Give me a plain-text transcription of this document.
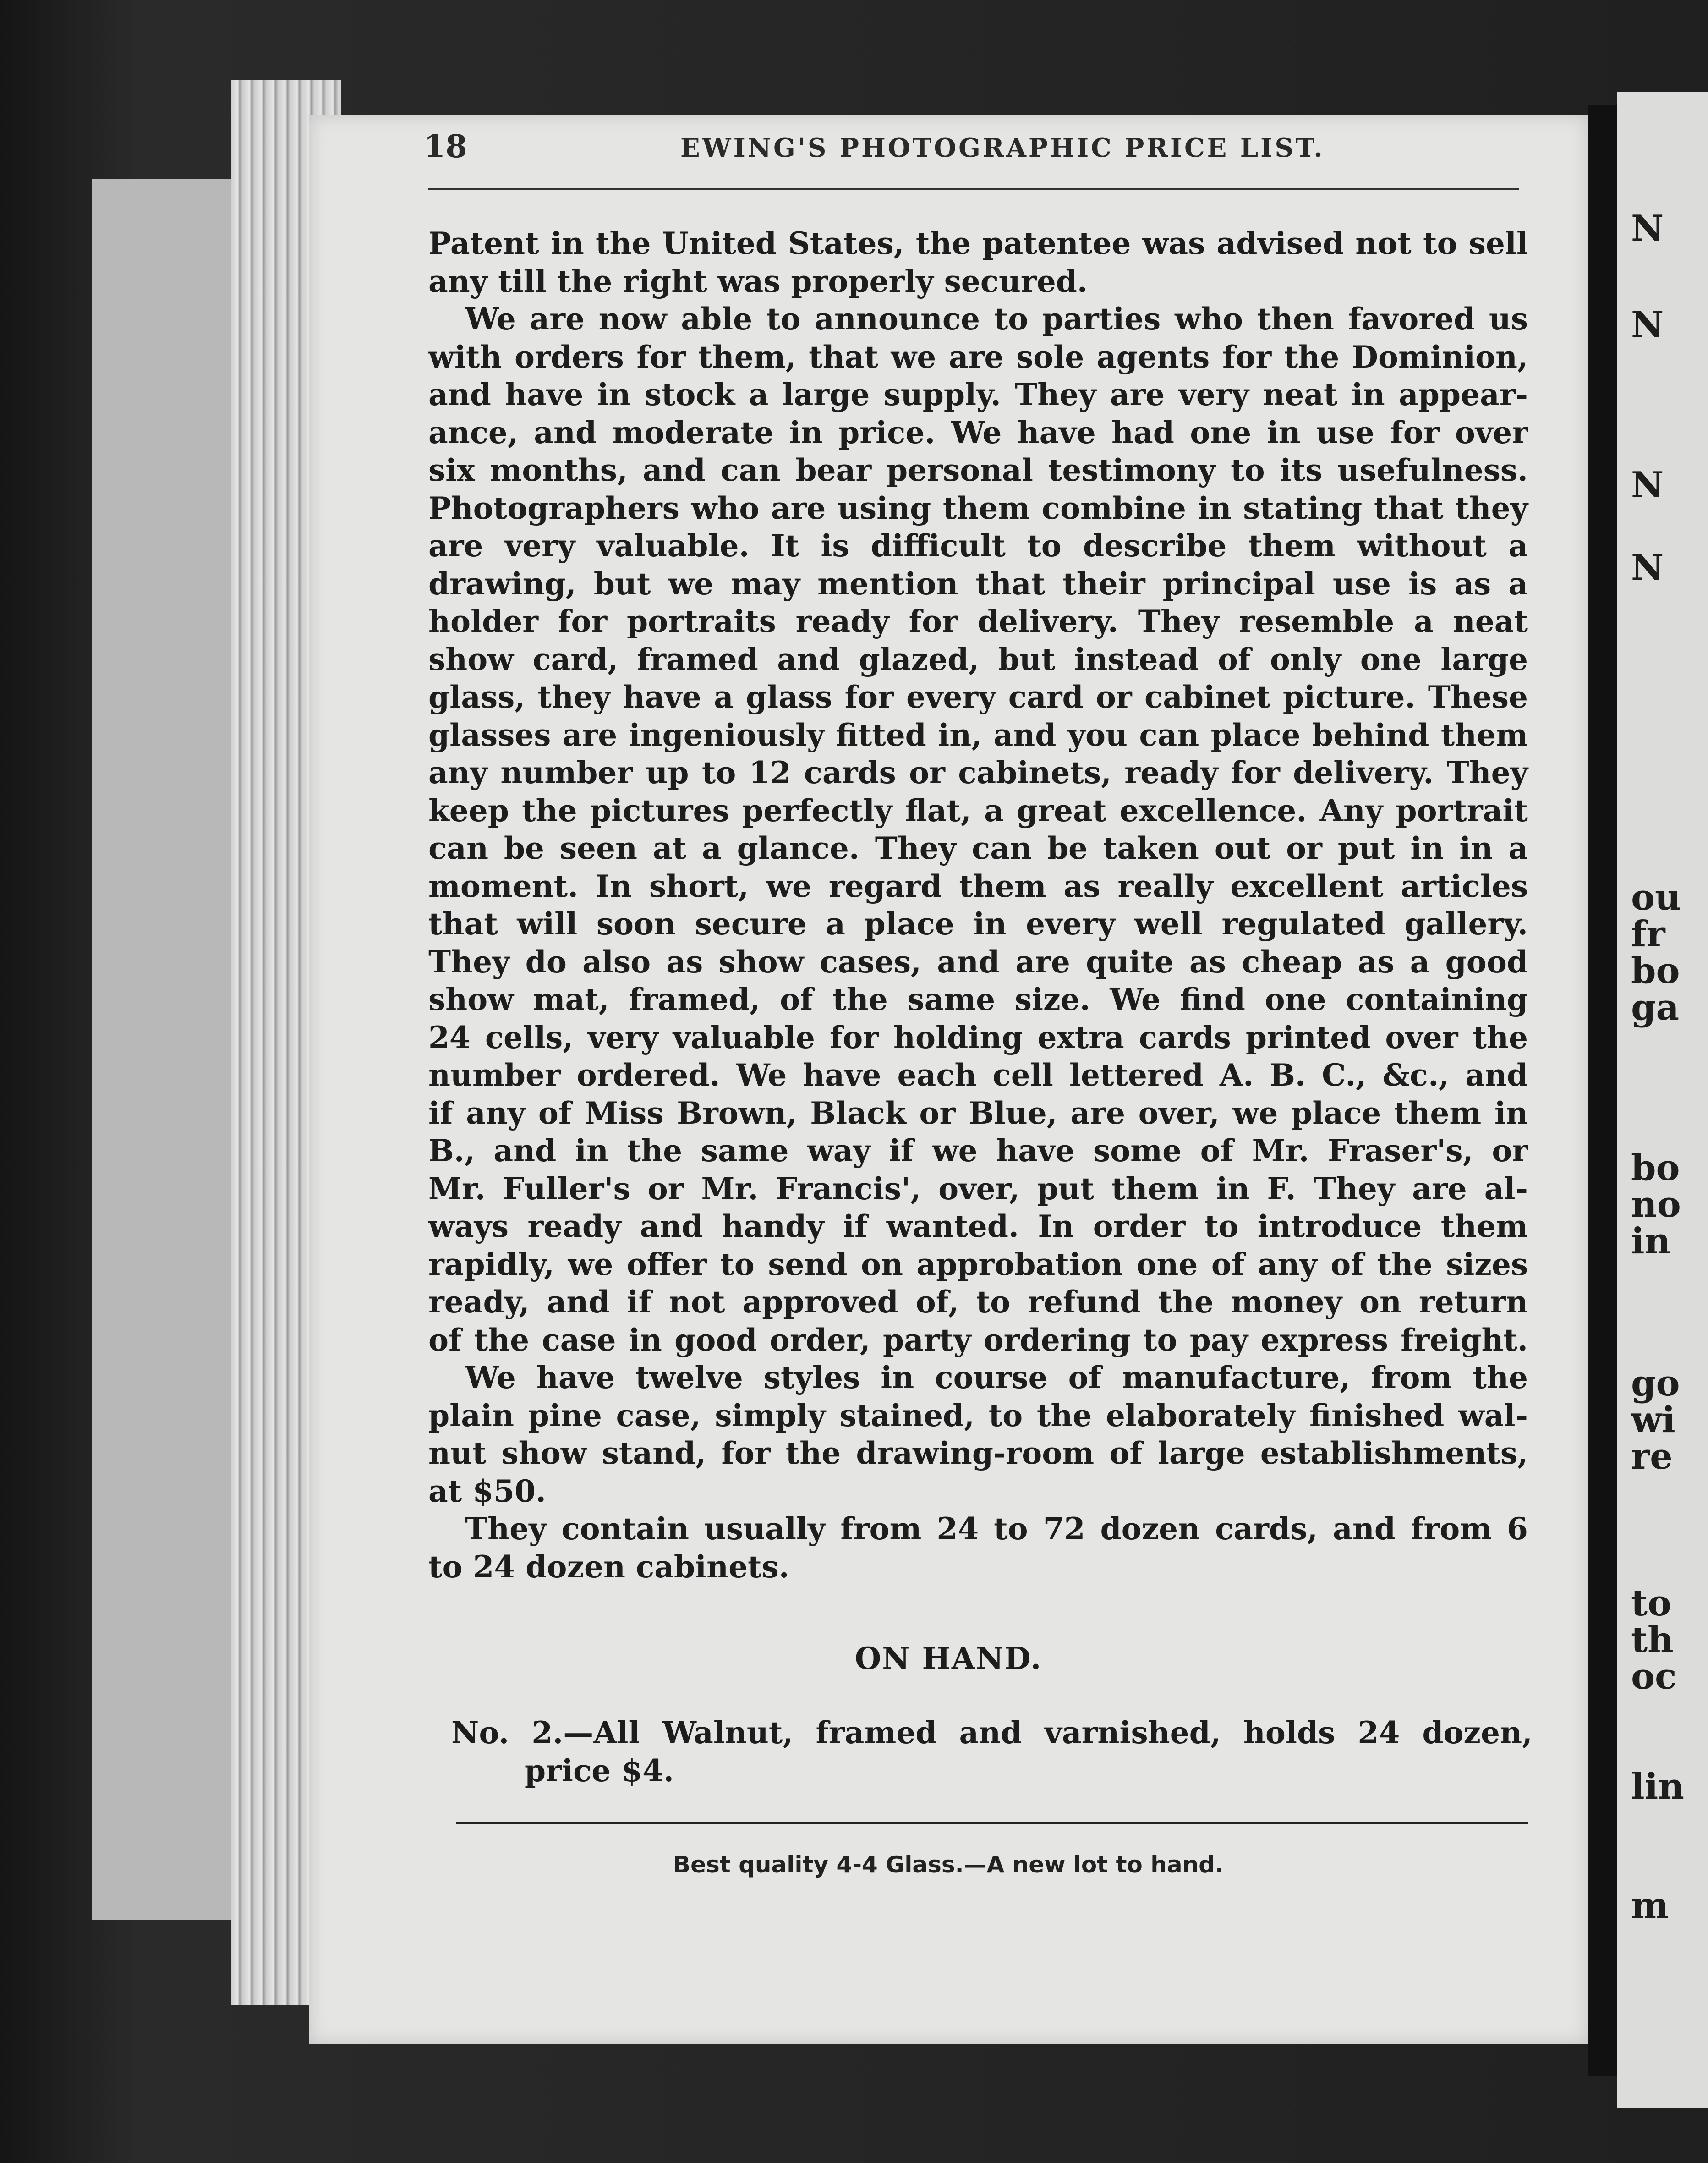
18	EWING'S PHOTOGRAPHIC PRICE LIST.
Patent in the United States, the patentee was advised not to sell
any till the right was properly secured.
We are now able to announce to parties who then favored us
with orders for them, that we are sole agents for the Dominion,
and have in stock a large supply. They are very neat in appear-
ance, and moderate in price. We have had one in use for over
six months, and can bear personal testimony to its usefulness.
Photographers who are using them combine in stating that they
are very valuable. It is difficult to describe them without a
drawing, but we may mention that their principal use is as a
holder for portraits ready for delivery. They resemble a neat
show card, framed and glazed, but instead of only one large
glass, they have a glass for every card or cabinet picture. These
glasses are ingeniously fitted in, and you can place behind them
any number up to 12 cards or cabinets, ready for delivery. They
keep the pictures perfectly flat, a great excellence. Any portrait
can be seen at a glance. They can be taken out or put in in a
moment. In short, we regard them as really excellent articles
that will soon secure a place in every well regulated gallery.
They do also as show cases, and are quite as cheap as a good
show mat, framed, of the same size. We find one containing
24 cells, very valuable for holding extra cards printed over the
number ordered. We have each cell lettered A. B. C., &c., and
if any of Miss Brown, Black or Blue, are over, we place them in
B., and in the same way if we have some of Mr. Fraser's, or
Mr. Fuller's or Mr. Francis', over, put them in F. They are al-
ways ready and handy if wanted. In order to introduce them
rapidly, we offer to send on approbation one of any of the sizes
ready, and if not approved of, to refund the money on return
of the case in good order, party ordering to pay express freight.
We have twelve styles in course of manufacture, from the
plain pine case, simply stained, to the elaborately finished wal-
nut show stand, for the drawing-room of large establishments,
at $50.
They contain usually from 24 to 72 dozen cards, and from 6
to 24 dozen cabinets.
ON HAND.
No. 2.—All Walnut, framed and varnished, holds 24 dozen,
price $4.
Best quality 4-4 Glass.—A new lot to hand.
N
N
N
N
ou
fr
bo
ga
bo
no
in
go
wi
re
to
th
oc
lin
m
